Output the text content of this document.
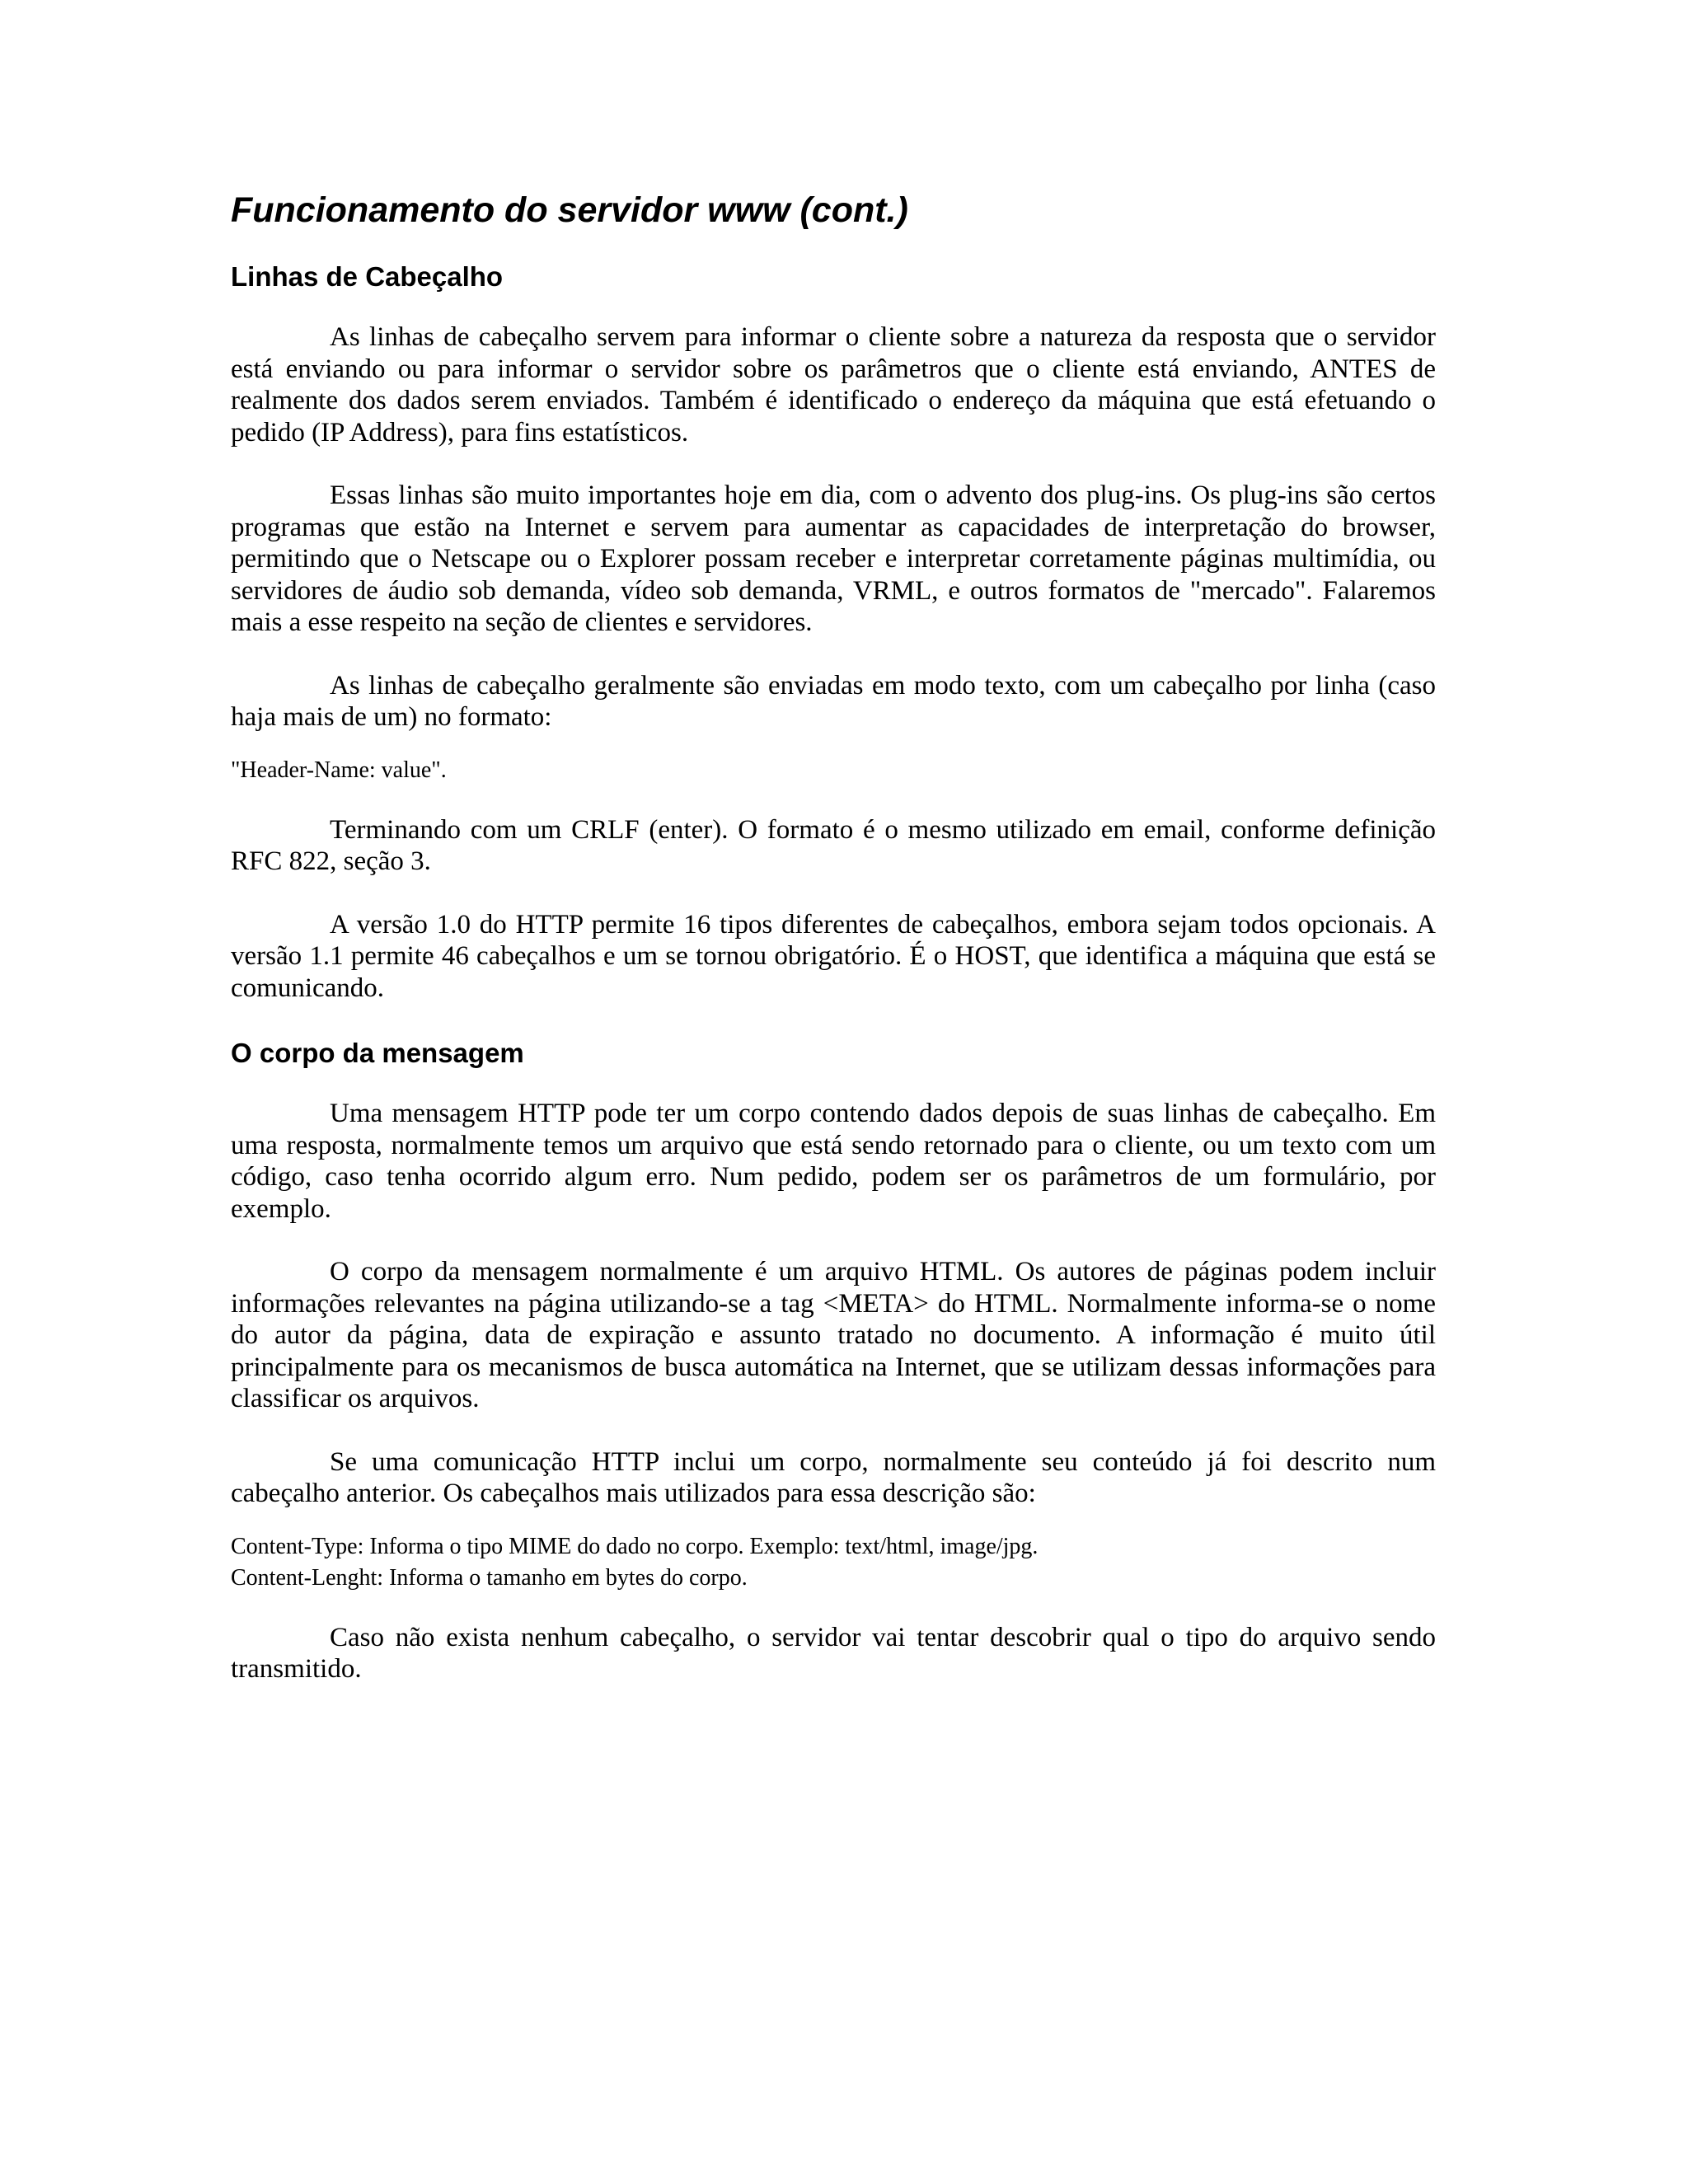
Funcionamento do servidor www (cont.)
Linhas de Cabeçalho

As linhas de cabeçalho servem para informar o cliente sobre a natureza da resposta que o servidor está enviando ou para informar o servidor sobre os parâmetros que o cliente está enviando, ANTES de realmente dos dados serem enviados. Também é identificado o endereço da máquina que está efetuando o pedido (IP Address), para fins estatísticos.

Essas linhas são muito importantes hoje em dia, com o advento dos plug-ins. Os plug-ins são certos programas que estão na Internet e servem para aumentar as capacidades de interpretação do browser, permitindo que o Netscape ou o Explorer possam receber e interpretar corretamente páginas multimídia, ou servidores de áudio sob demanda, vídeo sob demanda, VRML, e outros formatos de "mercado". Falaremos mais a esse respeito na seção de clientes e servidores.

As linhas de cabeçalho geralmente são enviadas em modo texto, com um cabeçalho por linha (caso haja mais de um) no formato:

"Header-Name: value".

Terminando com um CRLF (enter). O formato é o mesmo utilizado em email, conforme definição RFC 822, seção 3.

A versão 1.0 do HTTP permite 16 tipos diferentes de cabeçalhos, embora sejam todos opcionais. A versão 1.1 permite 46 cabeçalhos e um se tornou obrigatório. É o HOST, que identifica a máquina que está se comunicando.

O corpo da mensagem

Uma mensagem HTTP pode ter um corpo contendo dados depois de suas linhas de cabeçalho. Em uma resposta, normalmente temos um arquivo que está sendo retornado para o cliente, ou um texto com um código, caso tenha ocorrido algum erro. Num pedido, podem ser os parâmetros de um formulário, por exemplo.

O corpo da mensagem normalmente é um arquivo HTML. Os autores de páginas podem incluir informações relevantes na página utilizando-se a tag <META> do HTML. Normalmente informa-se o nome do autor da página, data de expiração e assunto tratado no documento. A informação é muito útil principalmente para os mecanismos de busca automática na Internet, que se utilizam dessas informações para classificar os arquivos.

Se uma comunicação HTTP inclui um corpo, normalmente seu conteúdo já foi descrito num cabeçalho anterior. Os cabeçalhos mais utilizados para essa descrição são:

Content-Type: Informa o tipo MIME do dado no corpo. Exemplo: text/html, image/jpg.

Content-Lenght: Informa o tamanho em bytes do corpo.

Caso não exista nenhum cabeçalho, o servidor vai tentar descobrir qual o tipo do arquivo sendo transmitido.
